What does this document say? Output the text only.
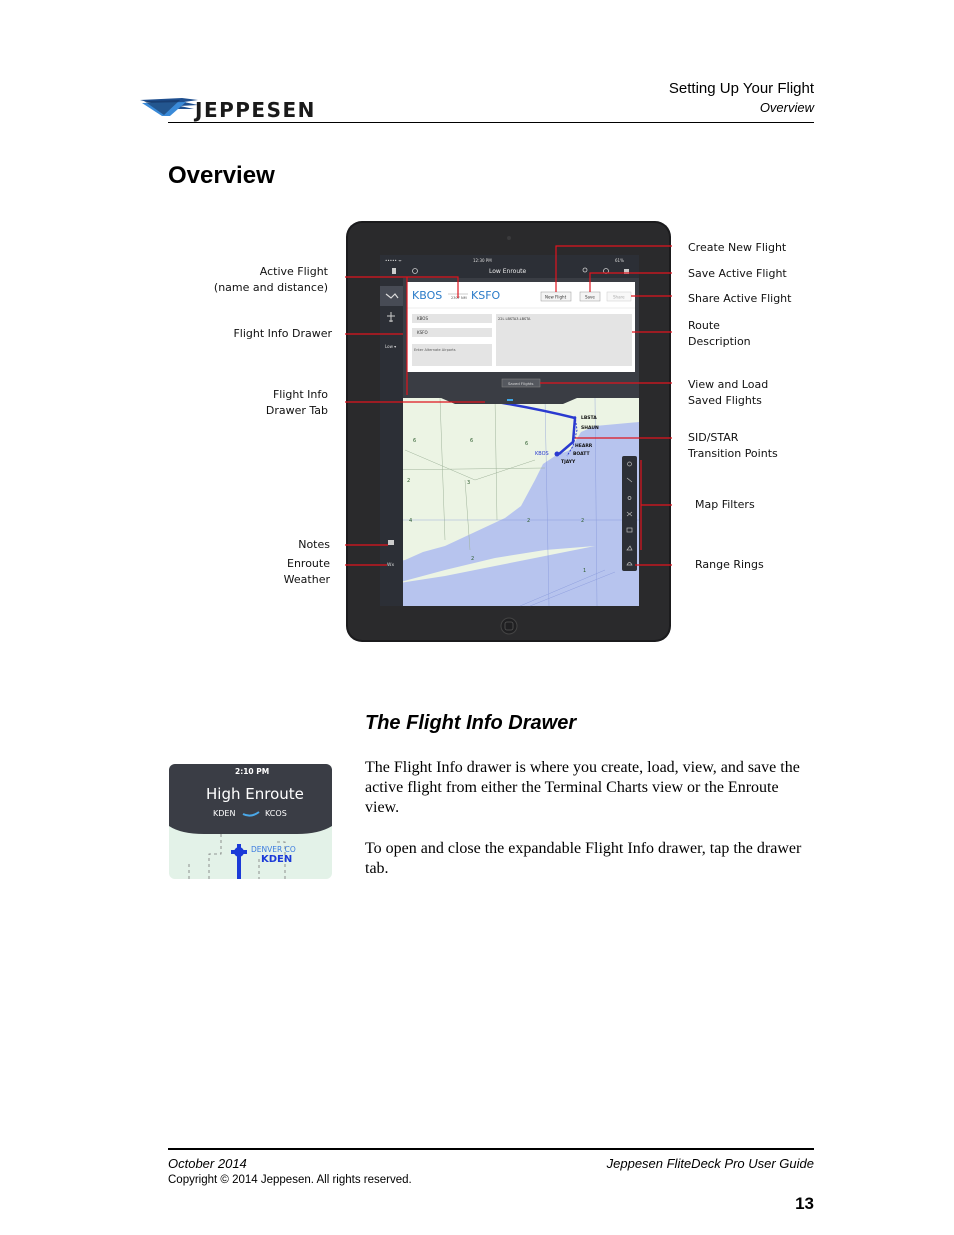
JEPPESEN
Setting Up Your Flight
Overview
Overview
6	6	6
2	3
2
4	2
2
1
LBSTA
SHAUN
HEARR
BOATT
TJAYY
KBOS
Low ▾
Wx
••••• ᯤ	12:30 PM	61%
Low Enroute
KBOS	2307 NM KSFO	New Flight	Save	Share
KBOS
KSFO
Enter Alternate Airports
22L LBSTA3.LBSTA
Saved Flights
Active Flight
(name and distance)
Flight Info Drawer
Flight Info
Drawer Tab
Notes
Enroute
Weather
Create New Flight
Save Active Flight
Share Active Flight
Route
Description
View and Load
Saved Flights
SID/STAR
Transition Points
Map Filters
Range Rings
The Flight Info Drawer
2:10 PM
High Enroute
KDEN	KCOS
DENVER CO
KDEN
The Flight Info drawer is where you create, load, view, and save the active flight from either the Terminal Charts view or the Enroute view.
To open and close the expandable Flight Info drawer, tap the drawer tab.
October 2014	Jeppesen FliteDeck Pro User Guide
Copyright © 2014 Jeppesen. All rights reserved.
13
